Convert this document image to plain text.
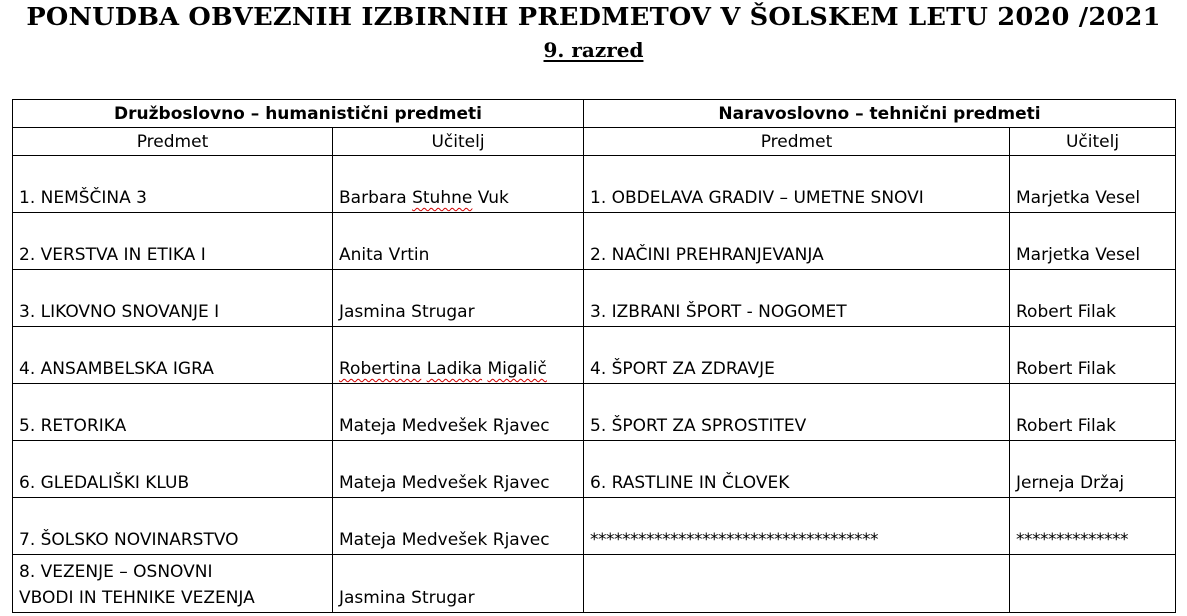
PONUDBA OBVEZNIH IZBIRNIH PREDMETOV V ŠOLSKEM LETU 2020 /2021
9. razred
Družboslovno – humanistični predmeti		Naravoslovno – tehnični predmeti	
Predmet	Učitelj	Predmet	Učitelj
1. NEMŠČINA 3	Barbara Stuhne Vuk	1. OBDELAVA GRADIV – UMETNE SNOVI	Marjetka Vesel
2. VERSTVA IN ETIKA I	Anita Vrtin	2. NAČINI PREHRANJEVANJA	Marjetka Vesel
3. LIKOVNO SNOVANJE I	Jasmina Strugar	3. IZBRANI ŠPORT - NOGOMET	Robert Filak
4. ANSAMBELSKA IGRA	Robertina Ladika Migalič	4. ŠPORT ZA ZDRAVJE	Robert Filak
5. RETORIKA	Mateja Medvešek Rjavec	5. ŠPORT ZA SPROSTITEV	Robert Filak
6. GLEDALIŠKI KLUB	Mateja Medvešek Rjavec	6. RASTLINE IN ČLOVEK	Jerneja Držaj
7. ŠOLSKO NOVINARSTVO	Mateja Medvešek Rjavec	************************************	**************

8. VEZENJE – OSNOVNI
VBODI IN TEHNIKE VEZENJA	Jasmina Strugar		
